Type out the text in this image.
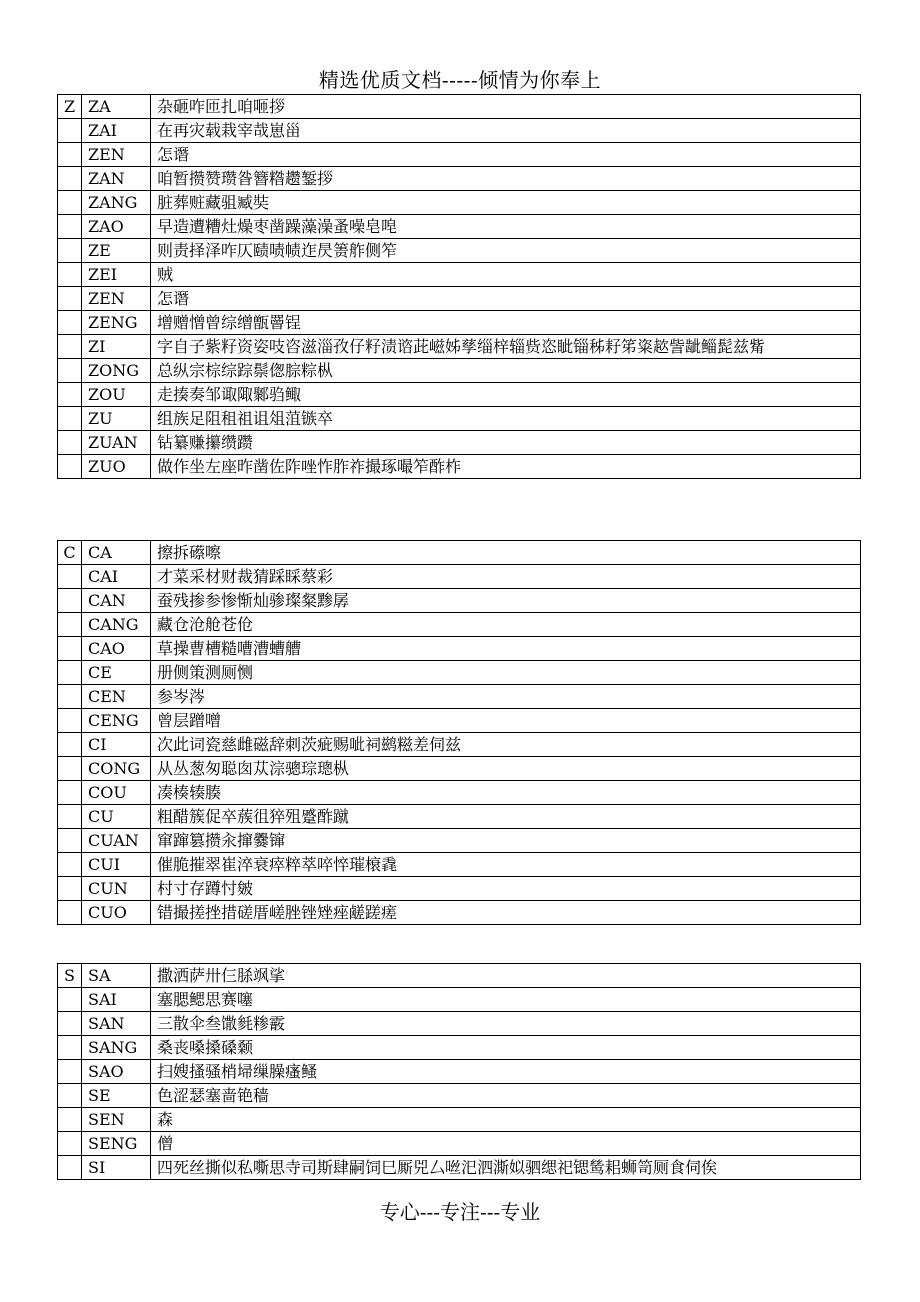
精选优质文档-----倾情为你奉上
Z	ZA	杂砸咋匝扎咱咂拶
	ZAI	在再灾载栽宰哉崽甾
	ZEN	怎谮
	ZAN	咱暂攒赞瓒昝簪糌趱錾拶
	ZANG	脏葬赃藏驵臧奘
	ZAO	早造遭糟灶燥枣凿躁藻澡蚤噪皂唣
	ZE	则责择泽咋仄赜啧帻迮昃箦舴侧笮
	ZEI	贼
	ZEN	怎谮
	ZENG	增赠憎曾综缯甑罾锃
	ZI	字自子紫籽资姿吱咨滋淄孜仔籽渍谘茈嵫姊孳缁梓辎赀恣眦锱秭耔笫粢趑訾龇鲻髭兹觜
	ZONG	总纵宗棕综踪鬃偬腙粽枞
	ZOU	走揍奏邹诹陬鄹驺鲰
	ZU	组族足阻租祖诅俎菹镞卒
	ZUAN	钻纂赚攥缵躜
	ZUO	做作坐左座昨凿佐阼唑怍胙祚撮琢嘬笮酢柞
C	CA	擦拆礤嚓
	CAI	才菜采材财裁猜踩睬蔡彩
	CAN	蚕残掺参惨惭灿骖璨粲黪孱
	CANG	藏仓沧舱苍伧
	CAO	草操曹槽糙嘈漕螬艚
	CE	册侧策测厕恻
	CEN	参岑涔
	CENG	曾层蹭噌
	CI	次此词瓷慈雌磁辞刺茨疵赐呲祠鹚糍差伺兹
	CONG	从丛葱匆聪囱苁淙骢琮璁枞
	COU	凑楱辏腠
	CU	粗醋簇促卒蔟徂猝殂蹙酢蹴
	CUAN	窜蹿篡攒汆撺爨镩
	CUI	催脆摧翠崔淬衰瘁粹萃啐悴璀榱毳
	CUN	村寸存蹲忖皴
	CUO	错撮搓挫措磋厝嵯脞锉矬痤鹾蹉瘥
S	SA	撒洒萨卅仨脎飒挲
	SAI	塞腮鳃思赛噻
	SAN	三散伞叁馓毵糁霰
	SANG	桑丧嗓搡磉颡
	SAO	扫嫂搔骚梢埽缫臊瘙鳋
	SE	色涩瑟塞啬铯穑
	SEN	森
	SENG	僧
	SI	四死丝撕似私嘶思寺司斯肆嗣饲巳厮兕厶咝汜泗澌姒驷缌祀锶鸶耜蛳笥厕食伺俟
专心---专注---专业
